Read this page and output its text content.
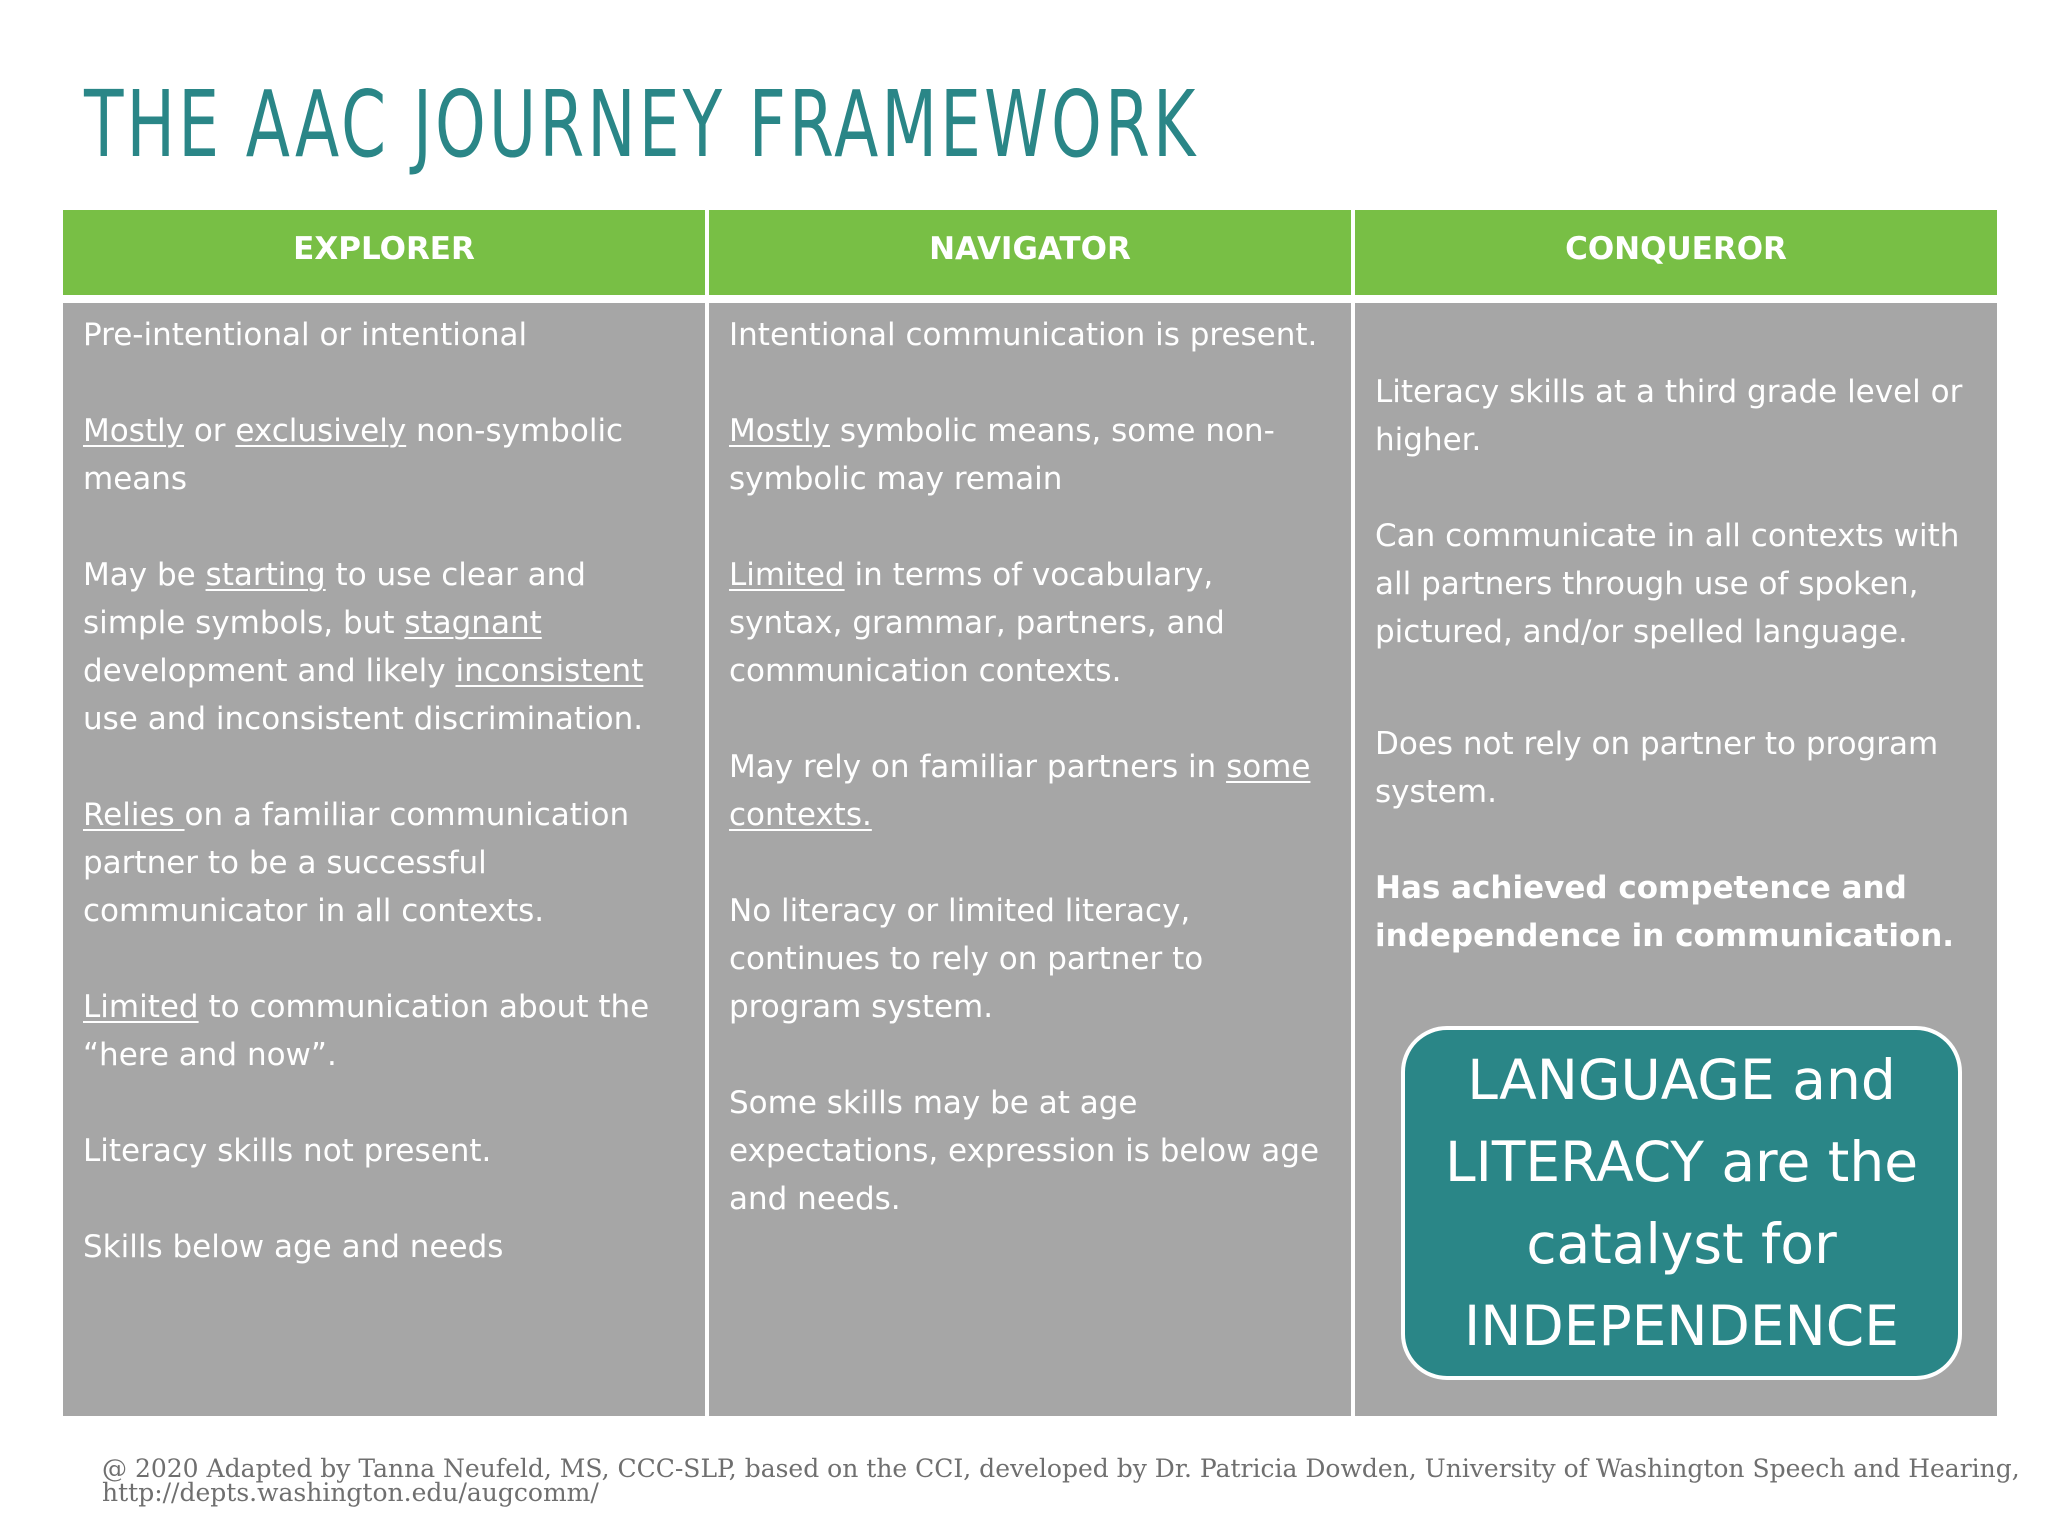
THE AAC JOURNEY FRAMEWORK
EXPLORER	NAVIGATOR	CONQUEROR

Pre-intentional or intentional

Mostly or exclusively non-symbolic means

May be starting to use clear and simple symbols, but stagnant development and likely inconsistent use and inconsistent discrimination.

Relies on a familiar communication partner to be a successful communicator in all contexts.

Limited to communication about the “here and now”.

Literacy skills not present.

Skills below age and needs

Intentional communication is present.

Mostly symbolic means, some non-symbolic may remain

Limited in terms of vocabulary, syntax, grammar, partners, and communication contexts.

May rely on familiar partners in some contexts.

No literacy or limited literacy, continues to rely on partner to program system.

Some skills may be at age expectations, expression is below age and needs.

Literacy skills at a third grade level or higher.

Can communicate in all contexts with all partners through use of spoken, pictured, and/or spelled language.

Does not rely on partner to program system.

Has achieved competence and independence in communication.

LANGUAGE and LITERACY are the catalyst for INDEPENDENCE
@ 2020 Adapted by Tanna Neufeld, MS, CCC-SLP, based on the CCI, developed by Dr. Patricia Dowden, University of Washington Speech and Hearing,
http://depts.washington.edu/augcomm/
